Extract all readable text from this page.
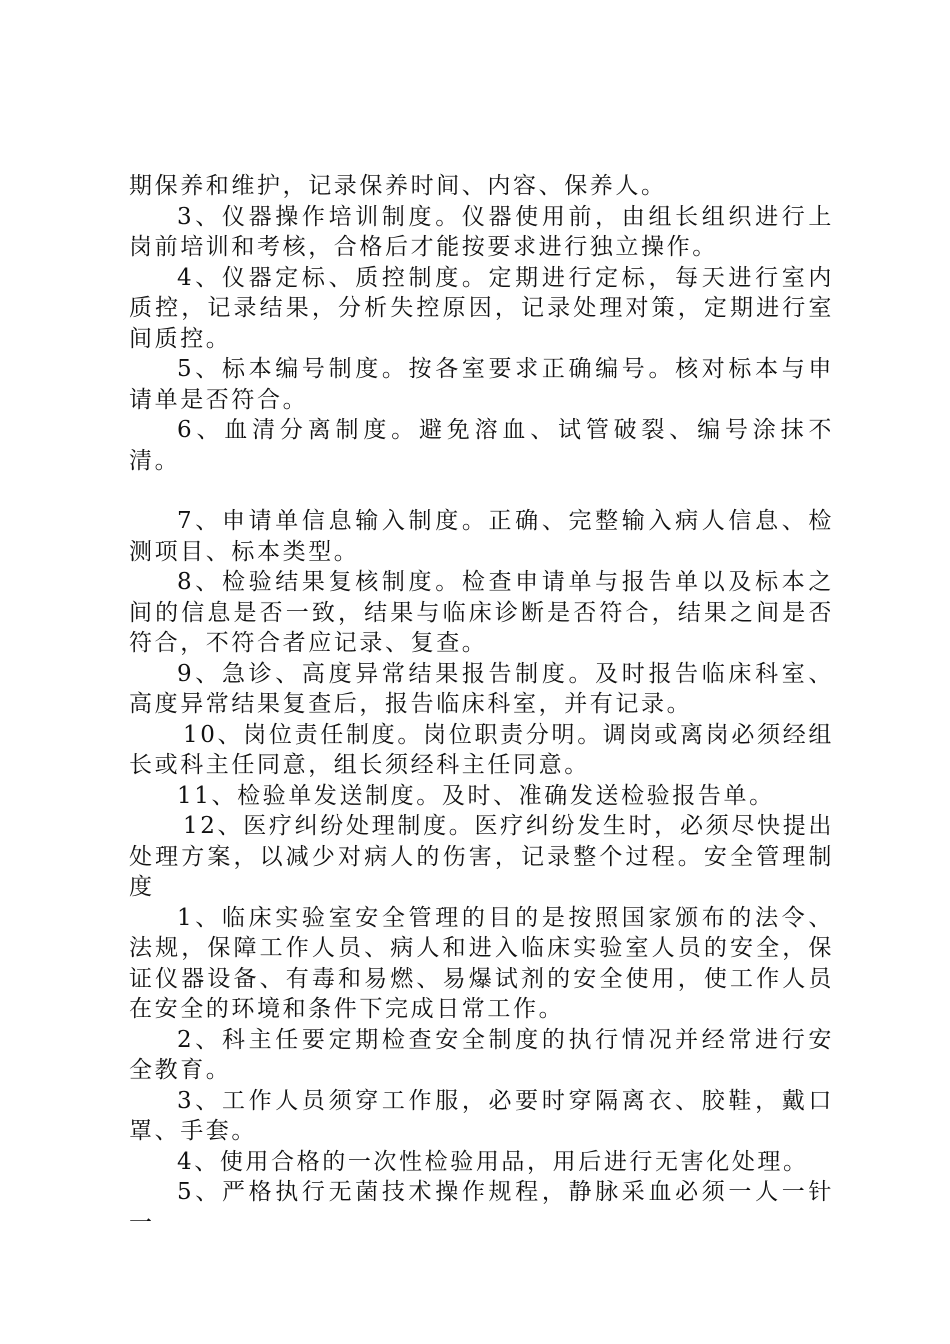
期保养和维护，记录保养时间、内容、保养人。

3、仪器操作培训制度。仪器使用前，由组长组织进行上岗前培训和考核，合格后才能按要求进行独立操作。

4、仪器定标、质控制度。定期进行定标，每天进行室内质控，记录结果，分析失控原因，记录处理对策，定期进行室间质控。

5、标本编号制度。按各室要求正确编号。核对标本与申请单是否符合。

6、血清分离制度。避免溶血、试管破裂、编号涂抹不清。

7、申请单信息输入制度。正确、完整输入病人信息、检测项目、标本类型。

8、检验结果复核制度。检查申请单与报告单以及标本之间的信息是否一致，结果与临床诊断是否符合，结果之间是否符合，不符合者应记录、复查。

9、急诊、高度异常结果报告制度。及时报告临床科室、高度异常结果复查后，报告临床科室，并有记录。

10、岗位责任制度。岗位职责分明。调岗或离岗必须经组长或科主任同意，组长须经科主任同意。

11、检验单发送制度。及时、准确发送检验报告单。

12、医疗纠纷处理制度。医疗纠纷发生时，必须尽快提出处理方案，以减少对病人的伤害，记录整个过程。安全管理制度

1、临床实验室安全管理的目的是按照国家颁布的法令、法规，保障工作人员、病人和进入临床实验室人员的安全，保证仪器设备、有毒和易燃、易爆试剂的安全使用，使工作人员在安全的环境和条件下完成日常工作。

2、科主任要定期检查安全制度的执行情况并经常进行安全教育。

3、工作人员须穿工作服，必要时穿隔离衣、胶鞋，戴口罩、手套。

4、使用合格的一次性检验用品，用后进行无害化处理。

5、严格执行无菌技术操作规程，静脉采血必须一人一针一
